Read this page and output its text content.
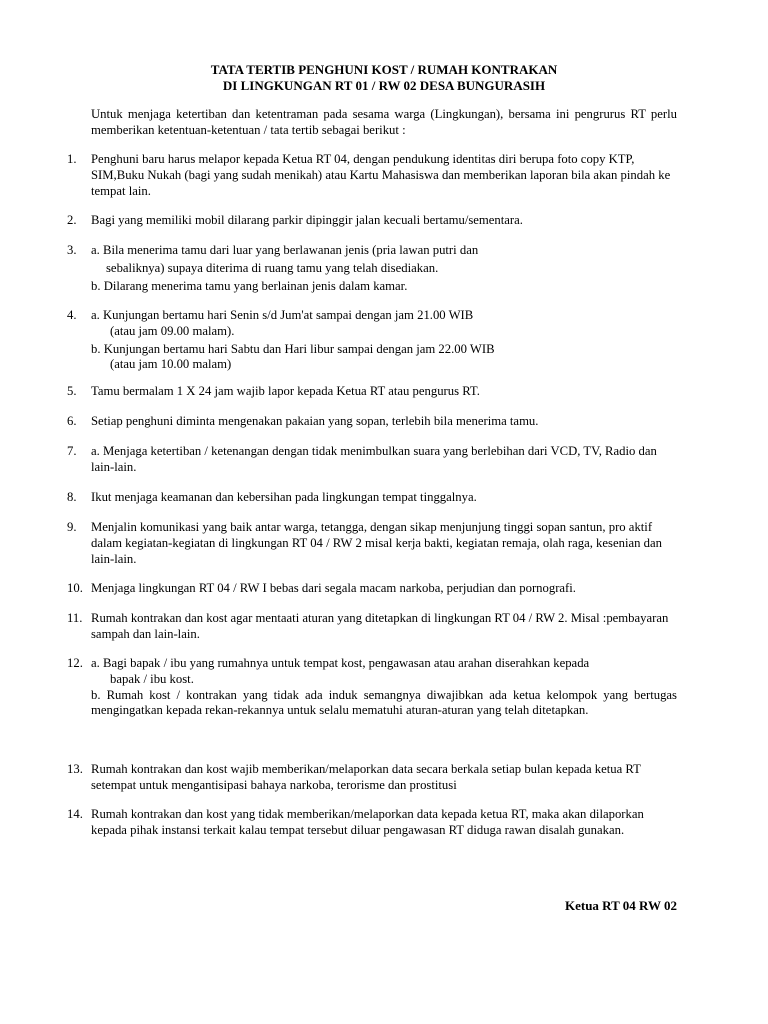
TATA TERTIB PENGHUNI KOST / RUMAH KONTRAKAN
DI LINGKUNGAN RT 01 / RW 02 DESA BUNGURASIH
Untuk menjaga ketertiban dan ketentraman pada sesama warga (Lingkungan), bersama ini pengrurus RT perlu memberikan ketentuan-ketentuan / tata tertib sebagai berikut :
1. Penghuni baru harus melapor kepada Ketua RT 04, dengan pendukung identitas diri berupa foto copy KTP, SIM,Buku Nukah (bagi yang sudah menikah) atau Kartu Mahasiswa dan memberikan laporan bila akan pindah ke tempat lain.
2. Bagi yang memiliki mobil dilarang parkir dipinggir jalan kecuali bertamu/sementara.
3. a. Bila menerima tamu dari luar yang berlawanan jenis (pria lawan putri dan
sebaliknya) supaya diterima di ruang tamu yang telah disediakan.
b. Dilarang menerima tamu yang berlainan jenis dalam kamar.
4. a. Kunjungan bertamu hari Senin s/d Jum'at sampai dengan jam 21.00 WIB
(atau jam 09.00 malam).
b. Kunjungan bertamu hari Sabtu dan Hari libur sampai dengan jam 22.00 WIB
(atau jam 10.00 malam)
5. Tamu bermalam 1 X 24 jam wajib lapor kepada Ketua RT atau pengurus RT.
6. Setiap penghuni diminta mengenakan pakaian yang sopan, terlebih bila menerima tamu.
7. a. Menjaga ketertiban / ketenangan dengan tidak menimbulkan suara yang berlebihan dari VCD, TV, Radio dan lain-lain.
8. Ikut menjaga keamanan dan kebersihan pada lingkungan tempat tinggalnya.
9. Menjalin komunikasi yang baik antar warga, tetangga, dengan sikap menjunjung tinggi sopan santun, pro aktif dalam kegiatan-kegiatan di lingkungan RT 04 / RW 2 misal kerja bakti, kegiatan remaja, olah raga, kesenian dan lain-lain.
10. Menjaga lingkungan RT 04 / RW I bebas dari segala macam narkoba, perjudian dan pornografi.
11. Rumah kontrakan dan kost agar mentaati aturan yang ditetapkan di lingkungan RT 04 / RW 2. Misal :pembayaran sampah dan lain-lain.
12. a. Bagi bapak / ibu yang rumahnya untuk tempat kost, pengawasan atau arahan diserahkan kepada
bapak / ibu kost.
b. Rumah kost / kontrakan yang tidak ada induk semangnya diwajibkan ada ketua kelompok yang bertugas mengingatkan kepada rekan-rekannya untuk selalu mematuhi aturan-aturan yang telah ditetapkan.
13. Rumah kontrakan dan kost wajib memberikan/melaporkan data secara berkala setiap bulan kepada ketua RT setempat untuk mengantisipasi bahaya narkoba, terorisme dan prostitusi
14. Rumah kontrakan dan kost yang tidak memberikan/melaporkan data kepada ketua RT, maka akan dilaporkan kepada pihak instansi terkait kalau tempat tersebut diluar pengawasan RT diduga rawan disalah gunakan.
Ketua RT 04 RW 02
